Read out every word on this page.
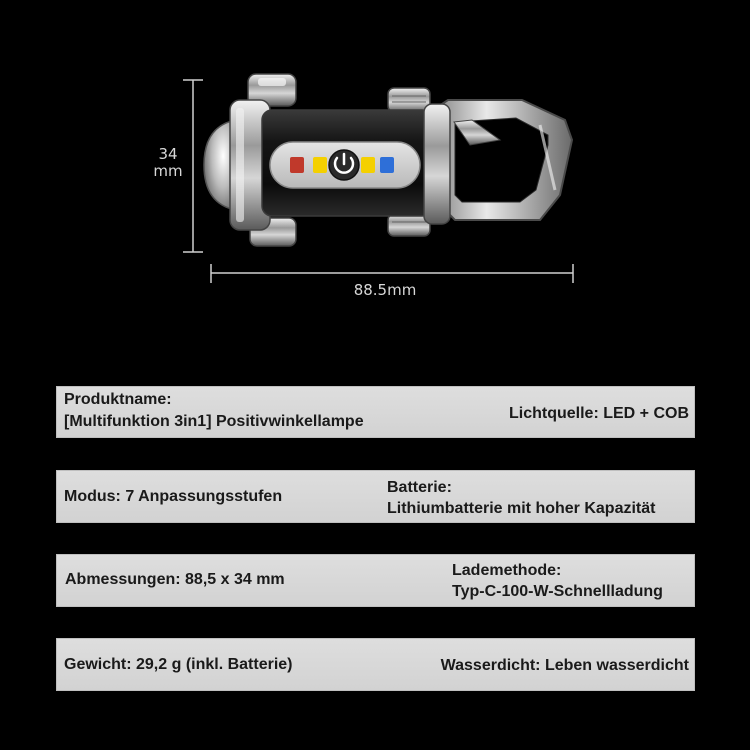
34
mm
88.5mm
Produktname:
[Multifunktion 3in1] Positivwinkellampe	Lichtquelle: LED + COB
Modus: 7 Anpassungsstufen
Batterie:
Lithiumbatterie mit hoher Kapazität
Abmessungen: 88,5 x 34 mm
Lademethode:
Typ-C-100-W-Schnellladung
Gewicht: 29,2 g (inkl. Batterie)	Wasserdicht: Leben wasserdicht
